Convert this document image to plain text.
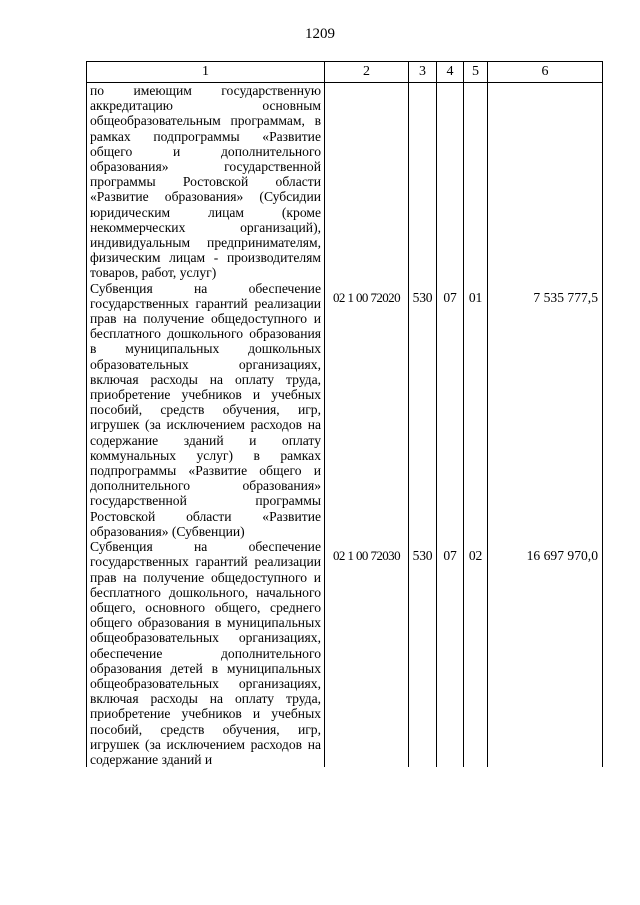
1209
1	2	3	4	5	6

по имеющим государственную аккредитацию основным общеобразовательным программам, в рамках подпрограммы «Развитие общего и дополнительного образования» государственной программы Ростовской области «Развитие образования» (Субсидии юридическим лицам (кроме некоммерческих организаций), индивидуальным предпринимателям, физическим лицам - производителям товаров, работ, услуг)					

Субвенция на обеспечение государственных гарантий реализации прав на получение общедоступного и бесплатного дошкольного образования в муниципальных дошкольных образовательных организациях, включая расходы на оплату труда, приобретение учебников и учебных пособий, средств обучения, игр, игрушек (за исключением расходов на содержание зданий и оплату коммунальных услуг) в рамках подпрограммы «Развитие общего и дополнительного образования» государственной программы Ростовской области «Развитие образования» (Субвенции)	02 1 00 72020	530	07	01	7 535 777,5

Субвенция на обеспечение государственных гарантий реализации прав на получение общедоступного и бесплатного дошкольного, начального общего, основного общего, среднего общего образования в муниципальных общеобразовательных организациях, обеспечение дополнительного образования детей в муниципальных общеобразовательных организациях, включая расходы на оплату труда, приобретение учебников и учебных пособий, средств обучения, игр, игрушек (за исключением расходов на содержание зданий и	02 1 00 72030	530	07	02	16 697 970,0
